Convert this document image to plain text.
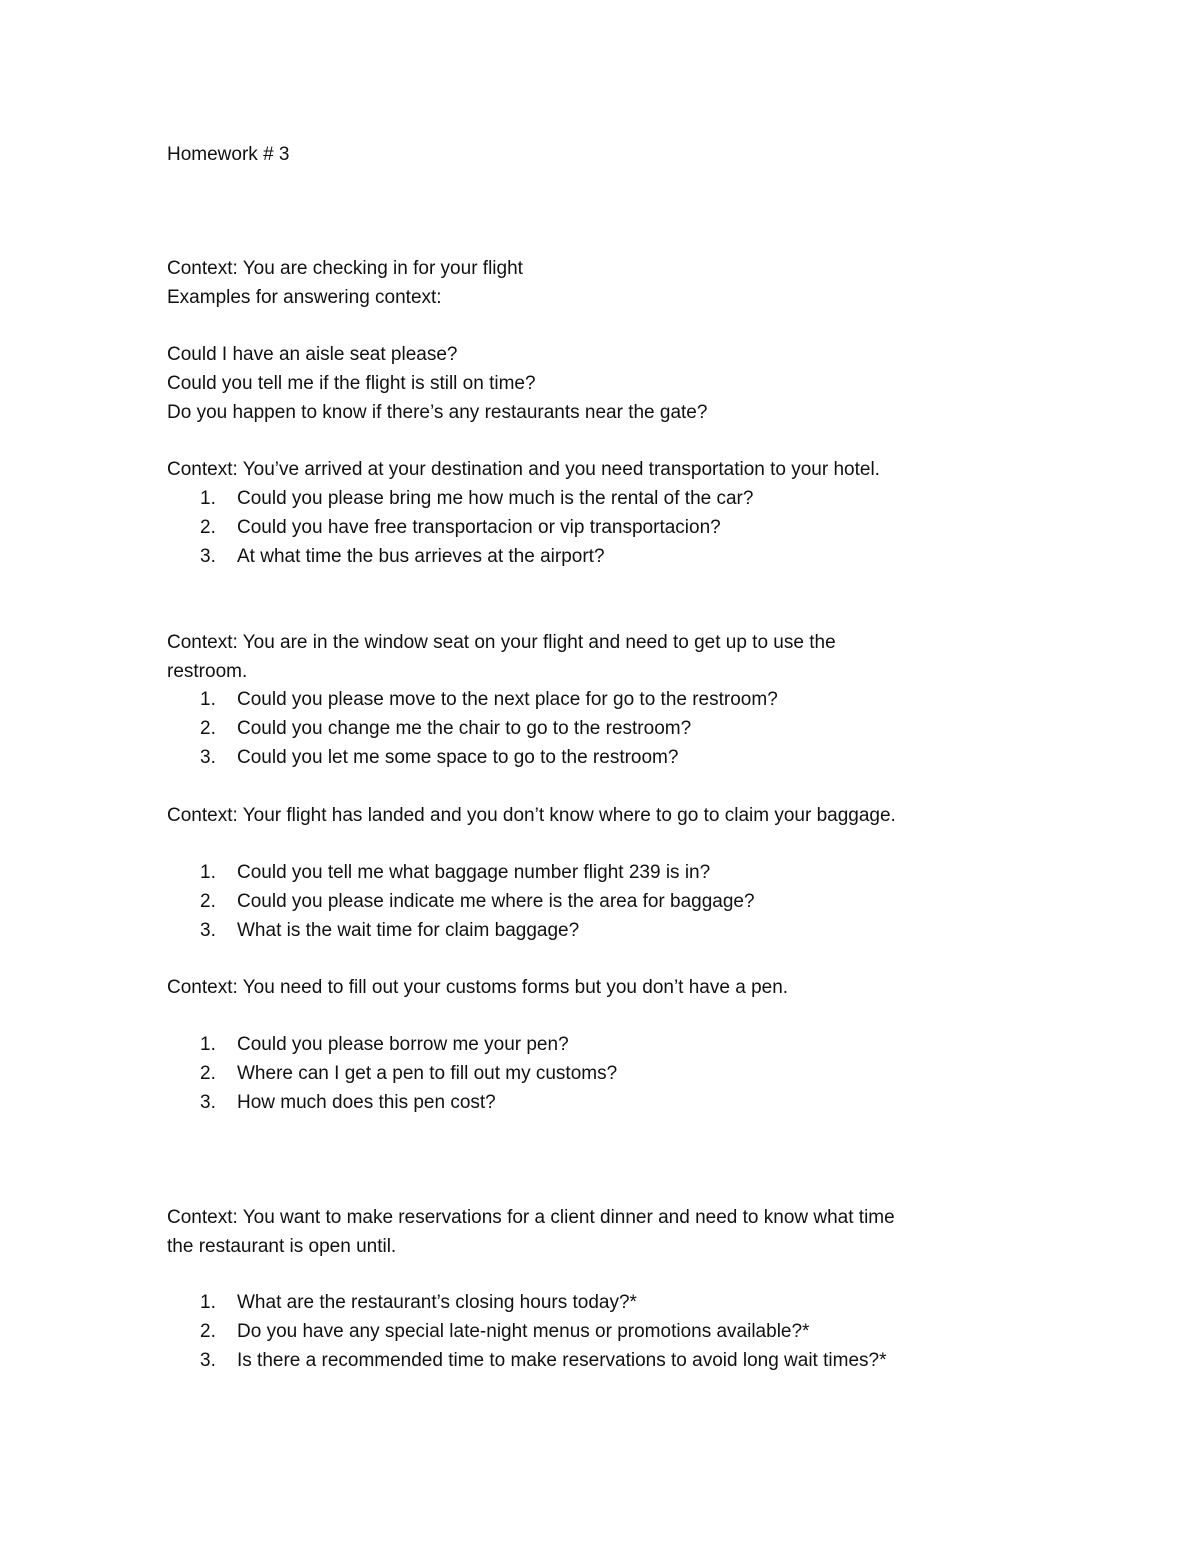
Homework # 3
Context: You are checking in for your flight
Examples for answering context:
Could I have an aisle seat please?
Could you tell me if the flight is still on time?
Do you happen to know if there’s any restaurants near the gate?
Context: You’ve arrived at your destination and you need transportation to your hotel.
1. Could you please bring me how much is the rental of the car?
2. Could you have free transportacion or vip transportacion?
3. At what time the bus arrieves at the airport?
Context: You are in the window seat on your flight and need to get up to use the
restroom.
1. Could you please move to the next place for go to the restroom?
2. Could you change me the chair to go to the restroom?
3. Could you let me some space to go to the restroom?
Context: Your flight has landed and you don’t know where to go to claim your baggage.
1. Could you tell me what baggage number flight 239 is in?
2. Could you please indicate me where is the area for baggage?
3. What is the wait time for claim baggage?
Context: You need to fill out your customs forms but you don’t have a pen.
1. Could you please borrow me your pen?
2. Where can I get a pen to fill out my customs?
3. How much does this pen cost?
Context: You want to make reservations for a client dinner and need to know what time
the restaurant is open until.
1. What are the restaurant’s closing hours today?*
2. Do you have any special late-night menus or promotions available?*
3. Is there a recommended time to make reservations to avoid long wait times?*
